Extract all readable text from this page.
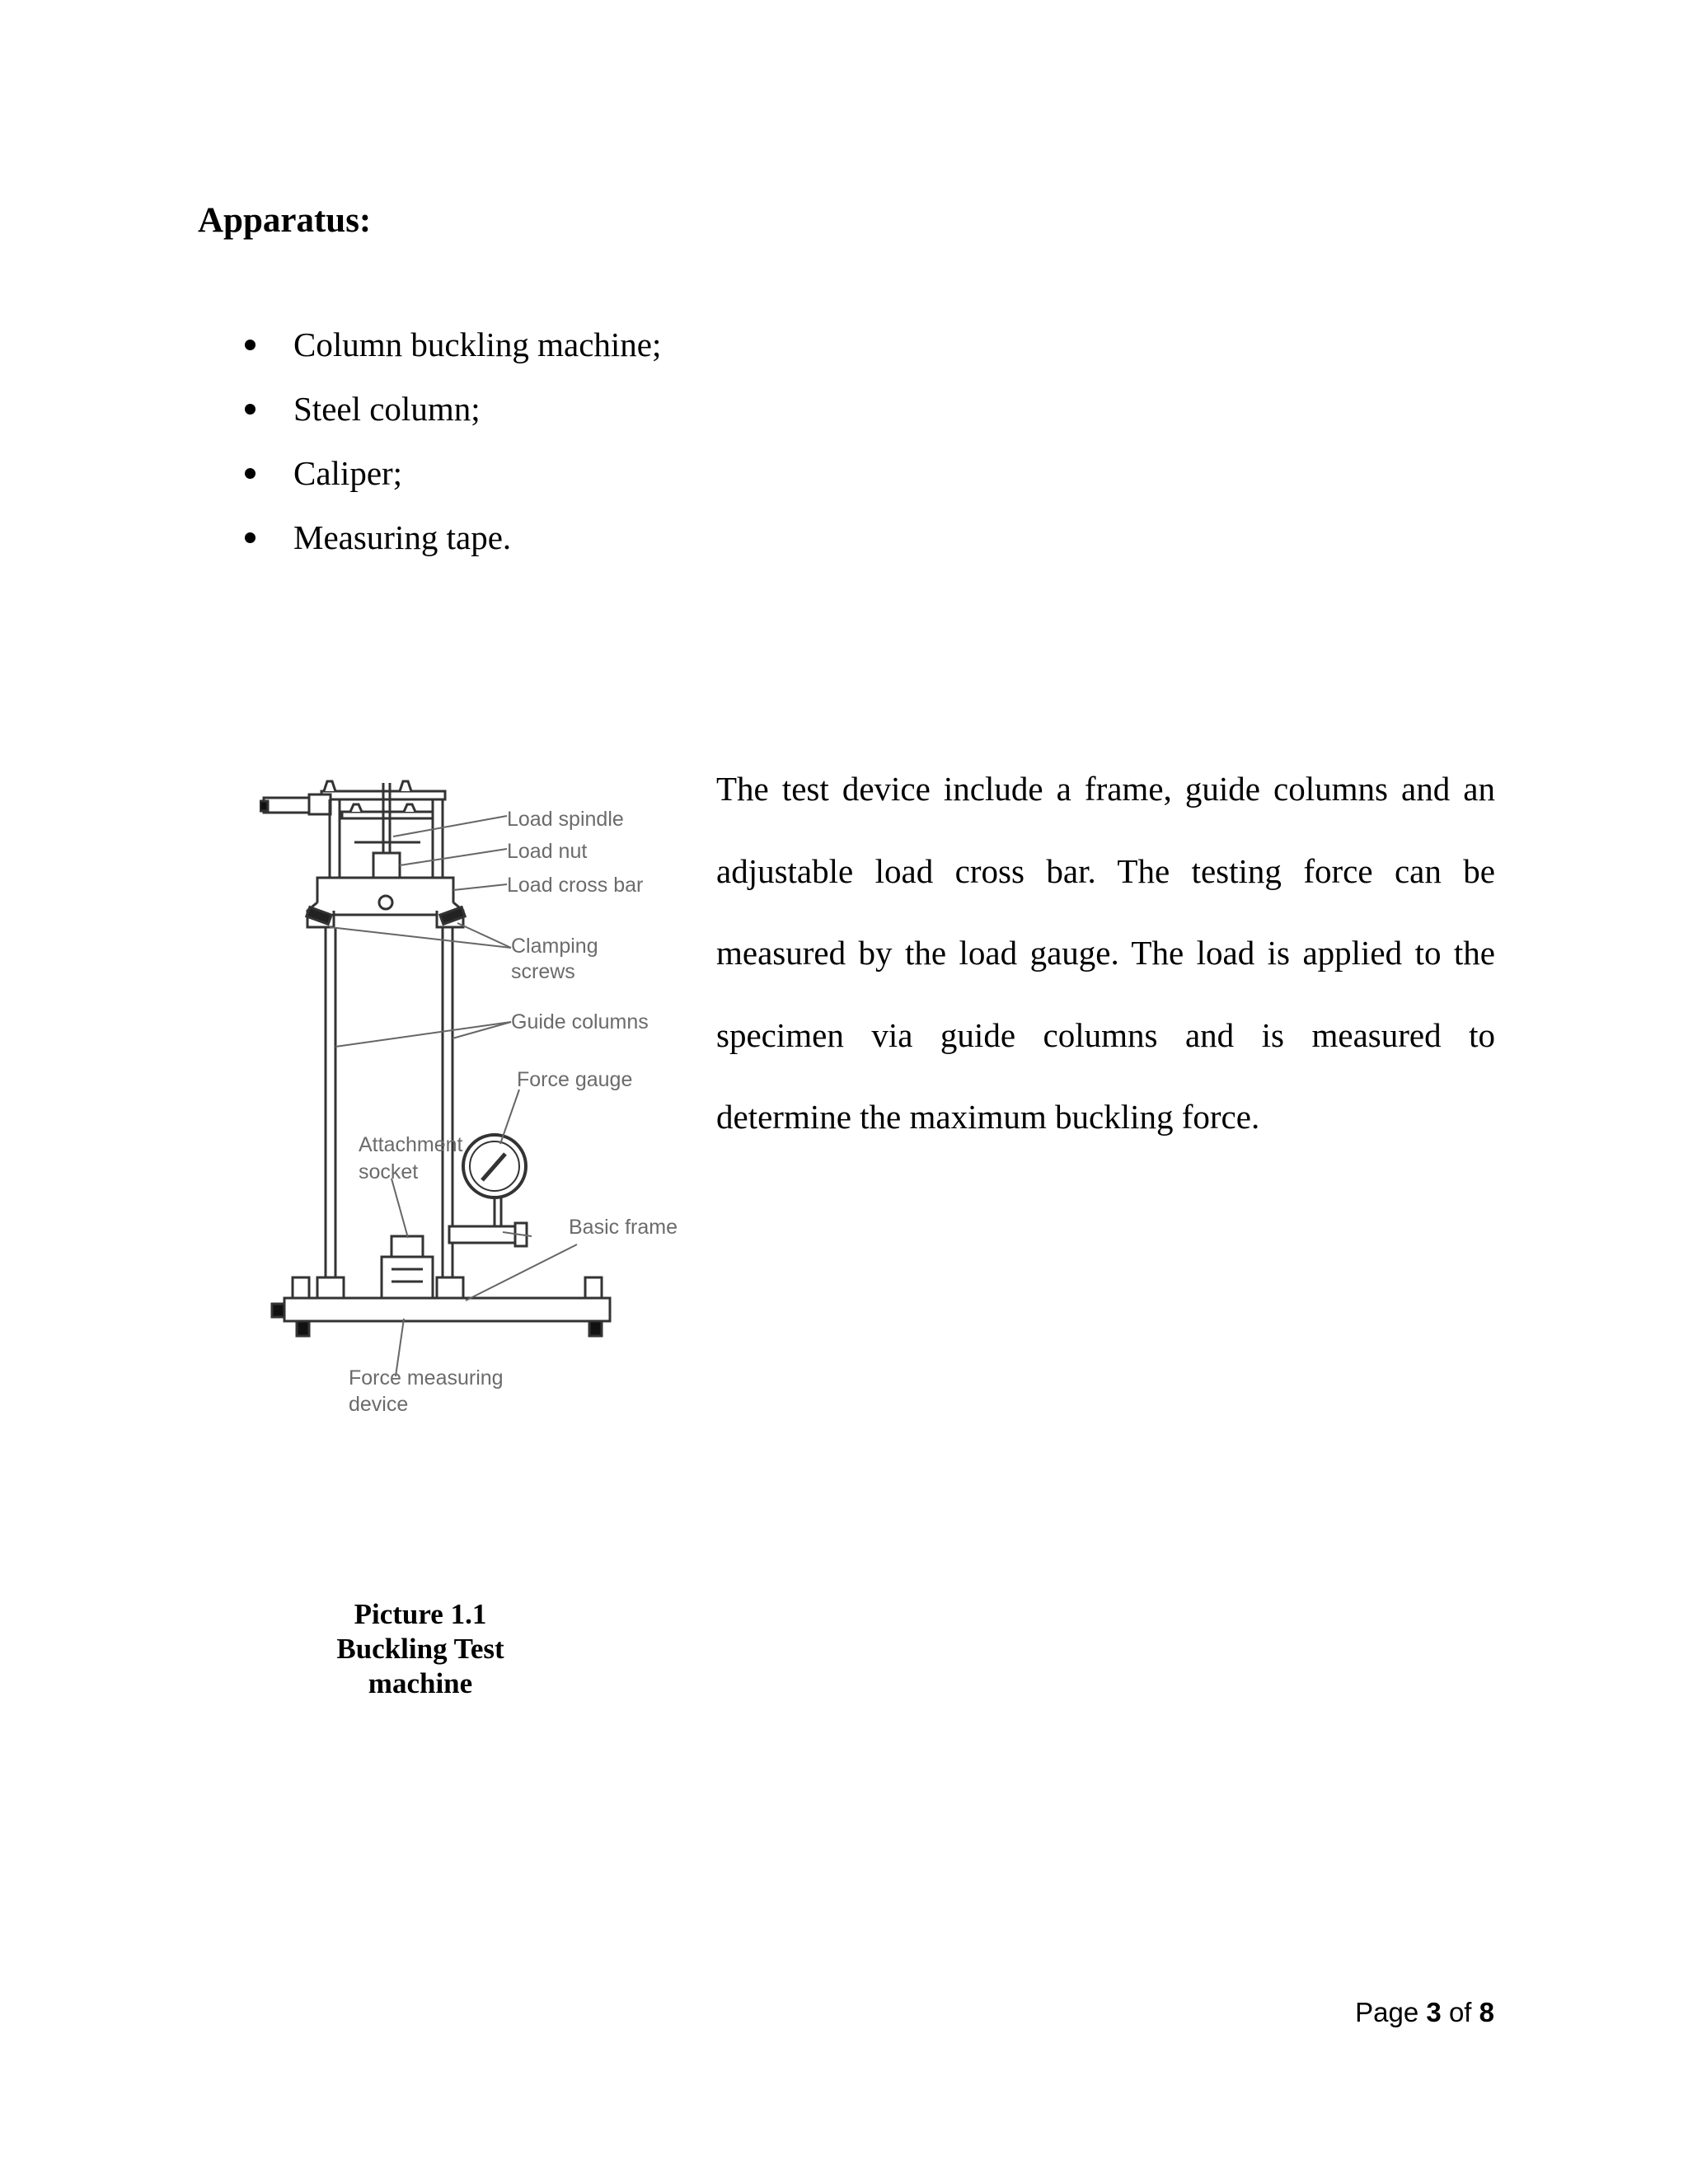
Apparatus:
Column buckling machine;
Steel column;
Caliper;
Measuring tape.
Load spindle
Load nut
Load cross bar
Clamping
screws
Guide columns
Force gauge
Attachment
socket
Basic frame
Force measuring
device
Picture 1.1
Buckling Test
machine

The test device include a frame, guide columns and an adjustable load cross bar. The testing force can be measured by the load gauge. The load is applied to the specimen via guide columns and is measured to determine the maximum buckling force.

Page 3 of 8
